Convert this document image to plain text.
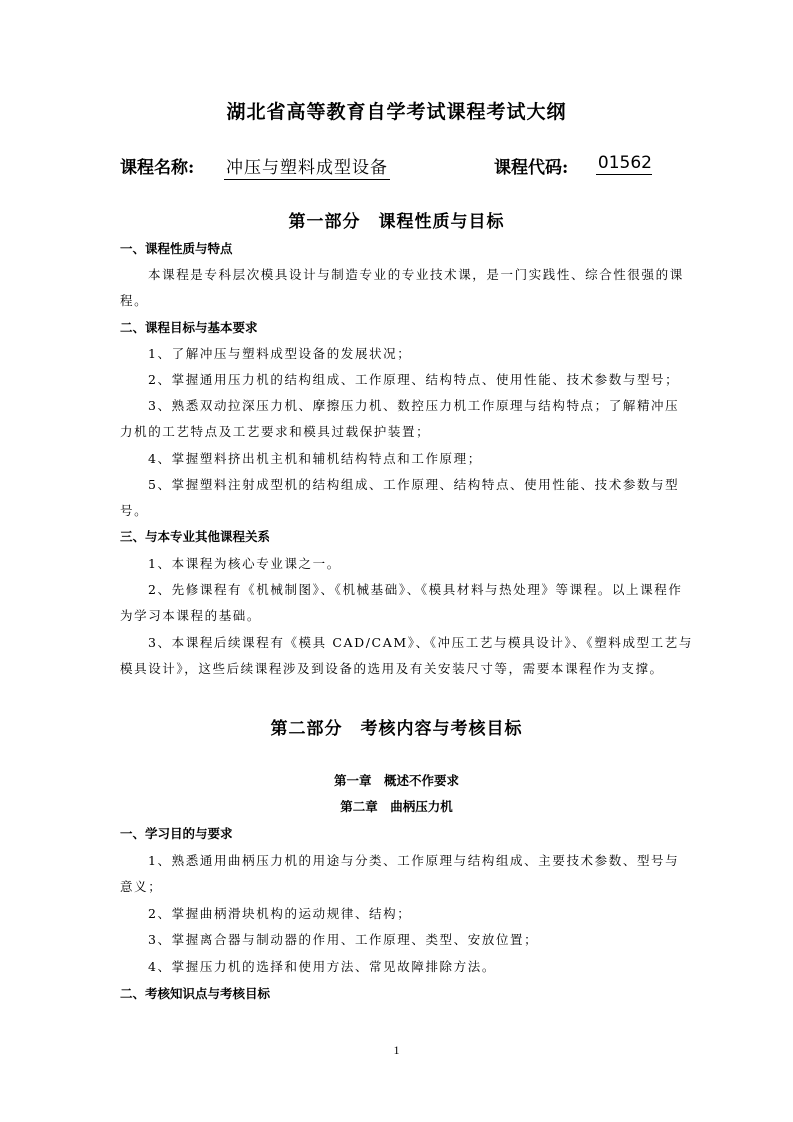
湖北省高等教育自学考试课程考试大纲
课程名称: 冲压与塑料成型设备	课程代码: 01562
第一部分　课程性质与目标
一、课程性质与特点
本课程是专科层次模具设计与制造专业的专业技术课，是一门实践性、综合性很强的课
程。
二、课程目标与基本要求
1、了解冲压与塑料成型设备的发展状况；
2、掌握通用压力机的结构组成、工作原理、结构特点、使用性能、技术参数与型号；
3、熟悉双动拉深压力机、摩擦压力机、数控压力机工作原理与结构特点；了解精冲压
力机的工艺特点及工艺要求和模具过载保护装置；
4、掌握塑料挤出机主机和辅机结构特点和工作原理；
5、掌握塑料注射成型机的结构组成、工作原理、结构特点、使用性能、技术参数与型
号。
三、与本专业其他课程关系
1、本课程为核心专业课之一。
2、先修课程有《机械制图》、《机械基础》、《模具材料与热处理》等课程。以上课程作
为学习本课程的基础。
3、本课程后续课程有《模具 CAD/CAM》、《冲压工艺与模具设计》、《塑料成型工艺与
模具设计》，这些后续课程涉及到设备的选用及有关安装尺寸等，需要本课程作为支撑。
第二部分　考核内容与考核目标
第一章　概述不作要求
第二章　曲柄压力机
一、学习目的与要求
1、熟悉通用曲柄压力机的用途与分类、工作原理与结构组成、主要技术参数、型号与
意义；
2、掌握曲柄滑块机构的运动规律、结构；
3、掌握离合器与制动器的作用、工作原理、类型、安放位置；
4、掌握压力机的选择和使用方法、常见故障排除方法。
二、考核知识点与考核目标
1
